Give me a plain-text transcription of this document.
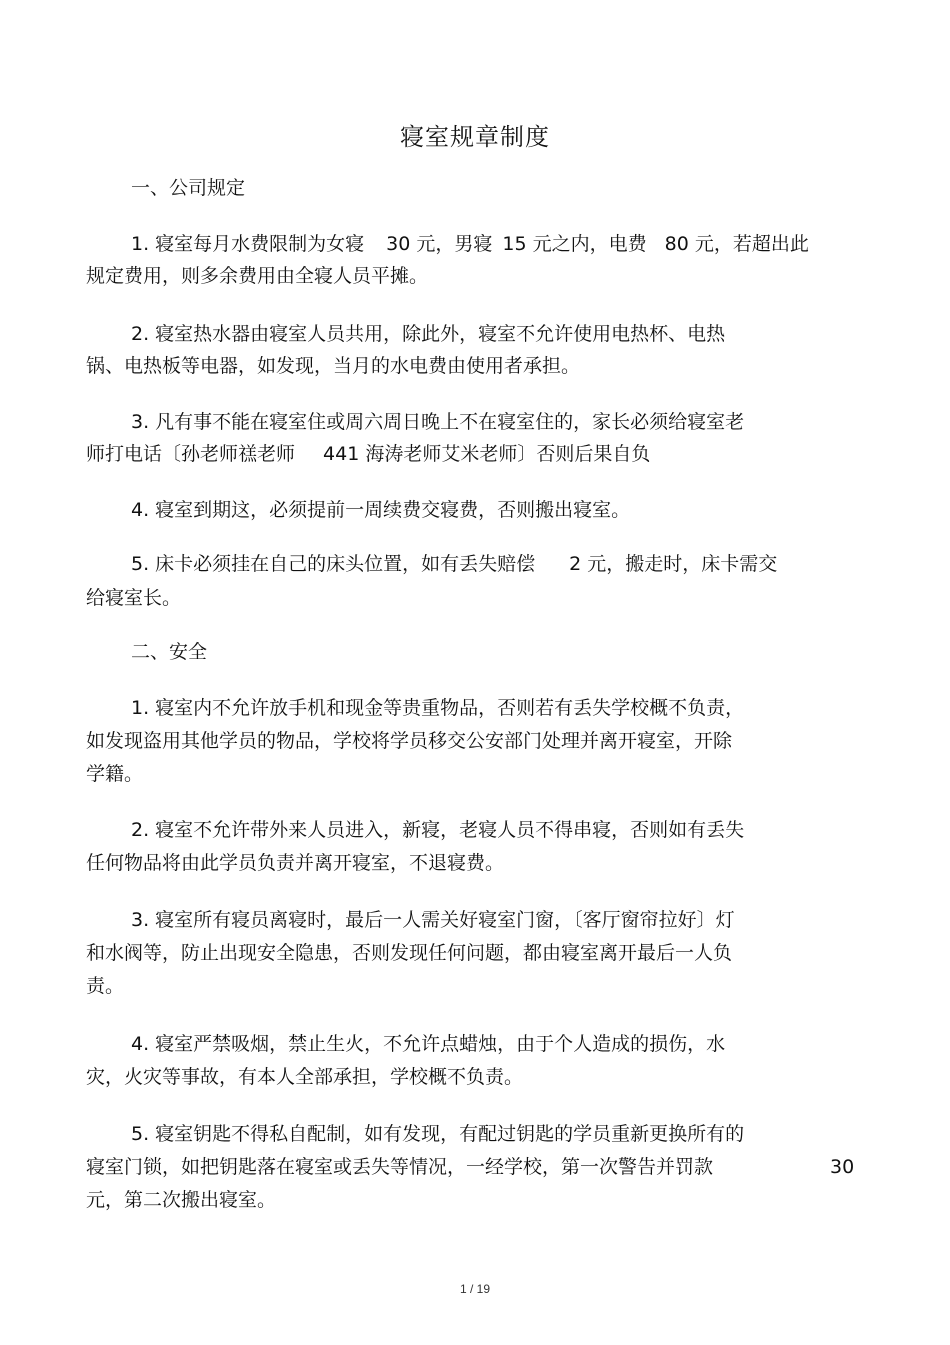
寝室规章制度
一、公司规定
1. 寝室每月水费限制为女寝 30 元，男寝 15 元之内，电费 80 元，若超出此
规定费用，则多余费用由全寝人员平摊。
2. 寝室热水器由寝室人员共用，除此外，寝室不允许使用电热杯、电热
锅、电热板等电器，如发现，当月的水电费由使用者承担。
3. 凡有事不能在寝室住或周六周日晚上不在寝室住的，家长必须给寝室老
师打电话〔孙老师禚老师 441 海涛老师艾米老师〕否则后果自负
4. 寝室到期这，必须提前一周续费交寝费，否则搬出寝室。
5. 床卡必须挂在自己的床头位置，如有丢失赔偿 2 元，搬走时，床卡需交
给寝室长。
二、安全
1. 寝室内不允许放手机和现金等贵重物品，否则若有丢失学校概不负责，
如发现盗用其他学员的物品，学校将学员移交公安部门处理并离开寝室，开除
学籍。
2. 寝室不允许带外来人员进入，新寝，老寝人员不得串寝，否则如有丢失
任何物品将由此学员负责并离开寝室，不退寝费。
3. 寝室所有寝员离寝时，最后一人需关好寝室门窗，〔客厅窗帘拉好〕灯
和水阀等，防止出现安全隐患，否则发现任何问题，都由寝室离开最后一人负
责。
4. 寝室严禁吸烟，禁止生火，不允许点蜡烛，由于个人造成的损伤，水
灾，火灾等事故，有本人全部承担，学校概不负责。
5. 寝室钥匙不得私自配制，如有发现，有配过钥匙的学员重新更换所有的
寝室门锁，如把钥匙落在寝室或丢失等情况，一经学校，第一次警告并罚款	30
元，第二次搬出寝室。
1 / 19
